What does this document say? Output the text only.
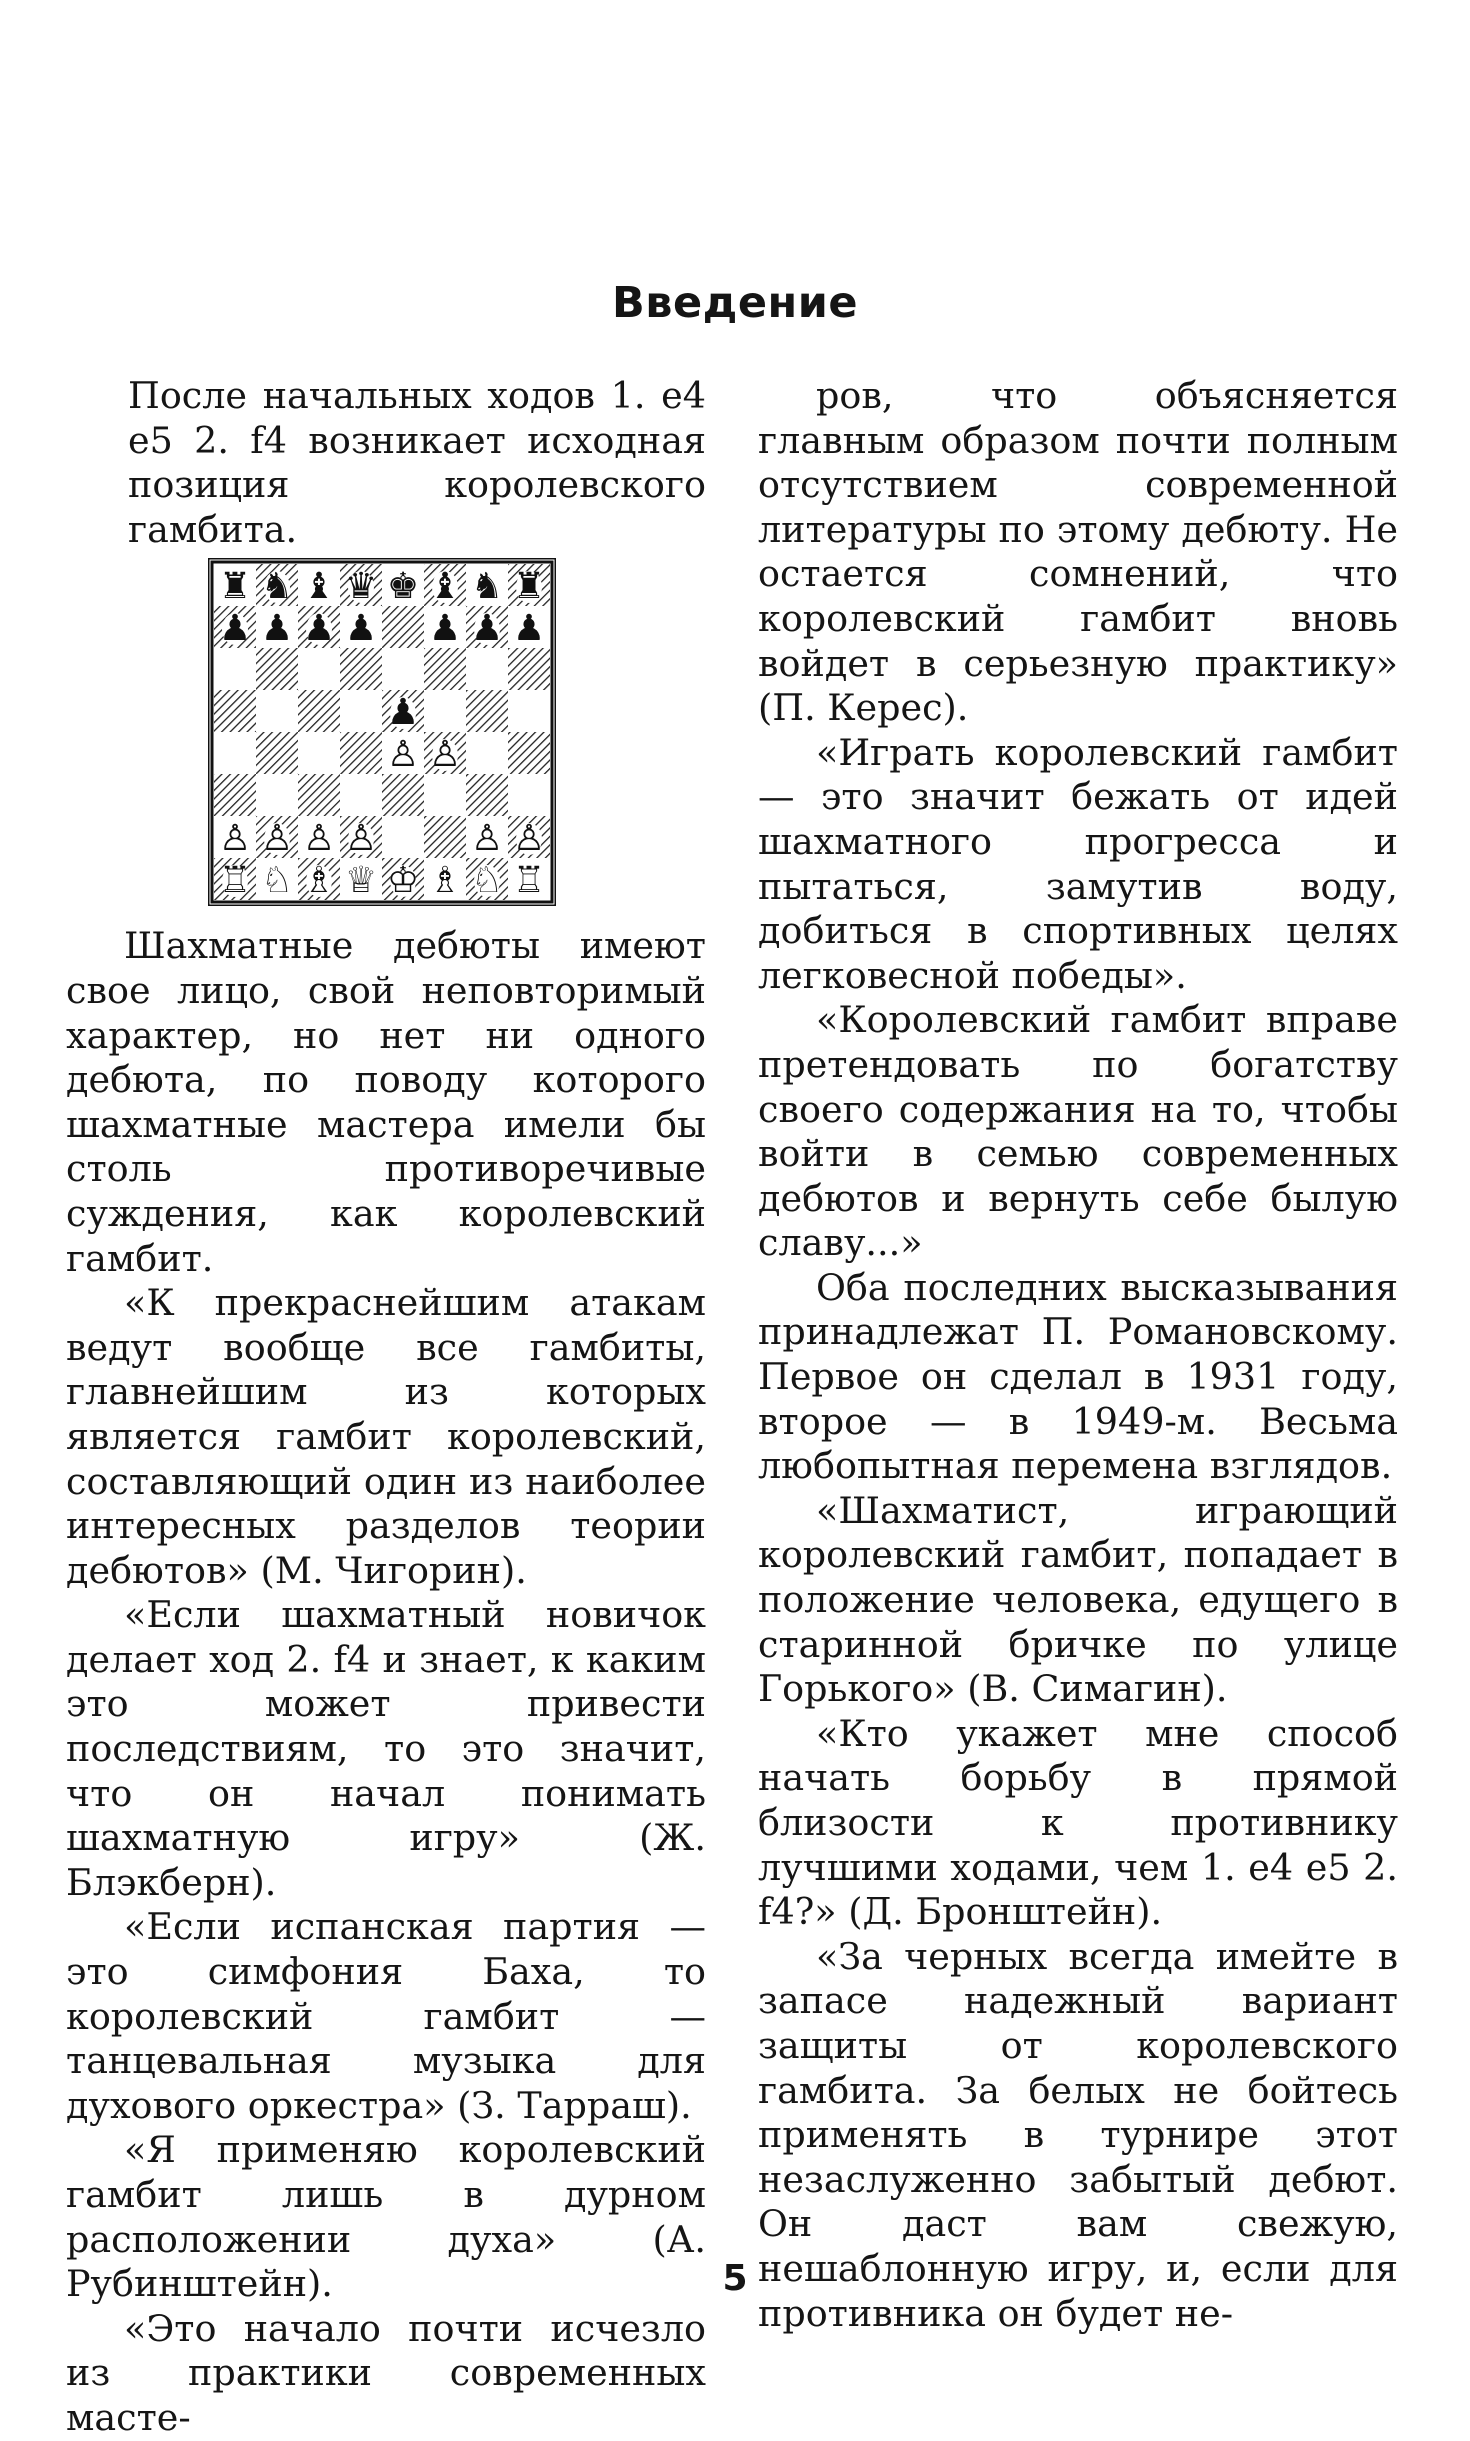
Введение

После начальных ходов 1. e4 e5 2. f4 возникает исходная позиция королевского гамбита.

♜ ♞ ♝ ♛ ♚ ♝ ♞ ♜
♟ ♟ ♟ ♟ ♟ ♟ ♟
♟
♙ ♙
♙ ♙ ♙ ♙	♙ ♙
♖ ♘ ♗ ♕ ♔ ♗ ♘ ♖

Шахматные дебюты имеют свое лицо, свой неповторимый характер, но нет ни одного дебюта, по поводу которого шахматные мастера имели бы столь противоречивые суждения, как королевский гамбит.

«К прекраснейшим атакам ведут вообще все гамбиты, главнейшим из которых является гамбит королевский, составляющий один из наиболее интересных разделов теории дебютов» (М. Чигорин).

«Если шахматный новичок делает ход 2. f4 и знает, к каким это может привести последствиям, то это значит, что он начал понимать шахматную игру» (Ж. Блэкберн).

«Если испанская партия — это симфония Баха, то королевский гамбит — танцевальная музыка для духового оркестра» (З. Тарраш).

«Я применяю королевский гамбит лишь в дурном расположении духа» (А. Рубинштейн).

«Это начало почти исчезло из практики современных масте-

ров, что объясняется главным образом почти полным отсутствием современной литературы по этому дебюту. Не остается сомнений, что королевский гамбит вновь войдет в серьезную практику» (П. Керес).

«Играть королевский гамбит — это значит бежать от идей шахматного прогресса и пытаться, замутив воду, добиться в спортивных целях легковесной победы».

«Королевский гамбит вправе претендовать по богатству своего содержания на то, чтобы войти в семью современных дебютов и вернуть себе былую славу...»

Оба последних высказывания принадлежат П. Романовскому. Первое он сделал в 1931 году, второе — в 1949-м. Весьма любопытная перемена взглядов.

«Шахматист, играющий королевский гамбит, попадает в положение человека, едущего в старинной бричке по улице Горького» (В. Симагин).

«Кто укажет мне способ начать борьбу в прямой близости к противнику лучшими ходами, чем 1. e4 e5 2. f4?» (Д. Бронштейн).

«За черных всегда имейте в запасе надежный вариант защиты от королевского гамбита. За белых не бойтесь применять в турнире этот незаслуженно забытый дебют. Он даст вам свежую, нешаблонную игру, и, если для противника он будет не-

5
